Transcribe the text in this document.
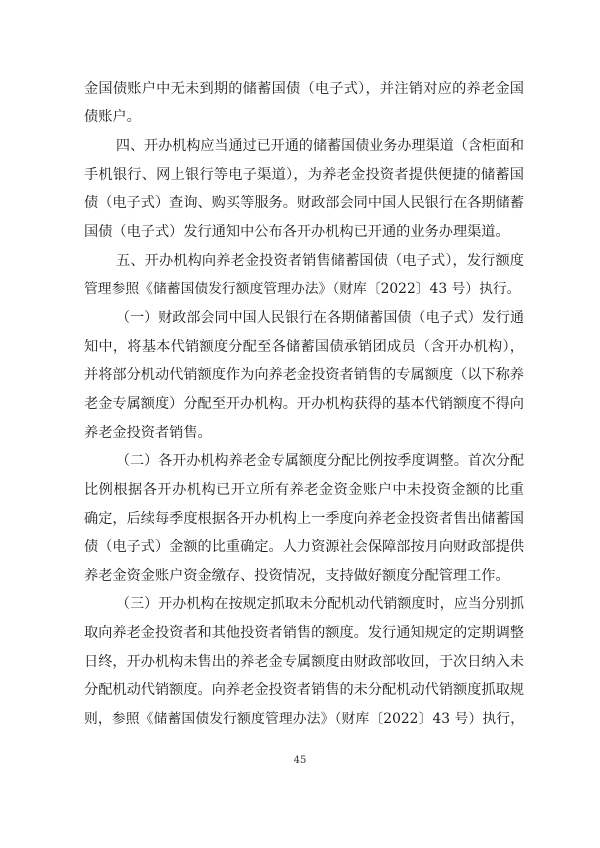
金国债账户中无未到期的储蓄国债（电子式），并注销对应的养老金国
债账户。
四、开办机构应当通过已开通的储蓄国债业务办理渠道（含柜面和
手机银行、网上银行等电子渠道），为养老金投资者提供便捷的储蓄国
债（电子式）查询、购买等服务。财政部会同中国人民银行在各期储蓄
国债（电子式）发行通知中公布各开办机构已开通的业务办理渠道。
五、开办机构向养老金投资者销售储蓄国债（电子式），发行额度
管理参照《储蓄国债发行额度管理办法》（财库〔2022〕43 号）执行。
（一）财政部会同中国人民银行在各期储蓄国债（电子式）发行通
知中，将基本代销额度分配至各储蓄国债承销团成员（含开办机构），
并将部分机动代销额度作为向养老金投资者销售的专属额度（以下称养
老金专属额度）分配至开办机构。开办机构获得的基本代销额度不得向
养老金投资者销售。
（二）各开办机构养老金专属额度分配比例按季度调整。首次分配
比例根据各开办机构已开立所有养老金资金账户中未投资金额的比重
确定，后续每季度根据各开办机构上一季度向养老金投资者售出储蓄国
债（电子式）金额的比重确定。人力资源社会保障部按月向财政部提供
养老金资金账户资金缴存、投资情况，支持做好额度分配管理工作。
（三）开办机构在按规定抓取未分配机动代销额度时，应当分别抓
取向养老金投资者和其他投资者销售的额度。发行通知规定的定期调整
日终，开办机构未售出的养老金专属额度由财政部收回，于次日纳入未
分配机动代销额度。向养老金投资者销售的未分配机动代销额度抓取规
则，参照《储蓄国债发行额度管理办法》（财库〔2022〕43 号）执行，
45
